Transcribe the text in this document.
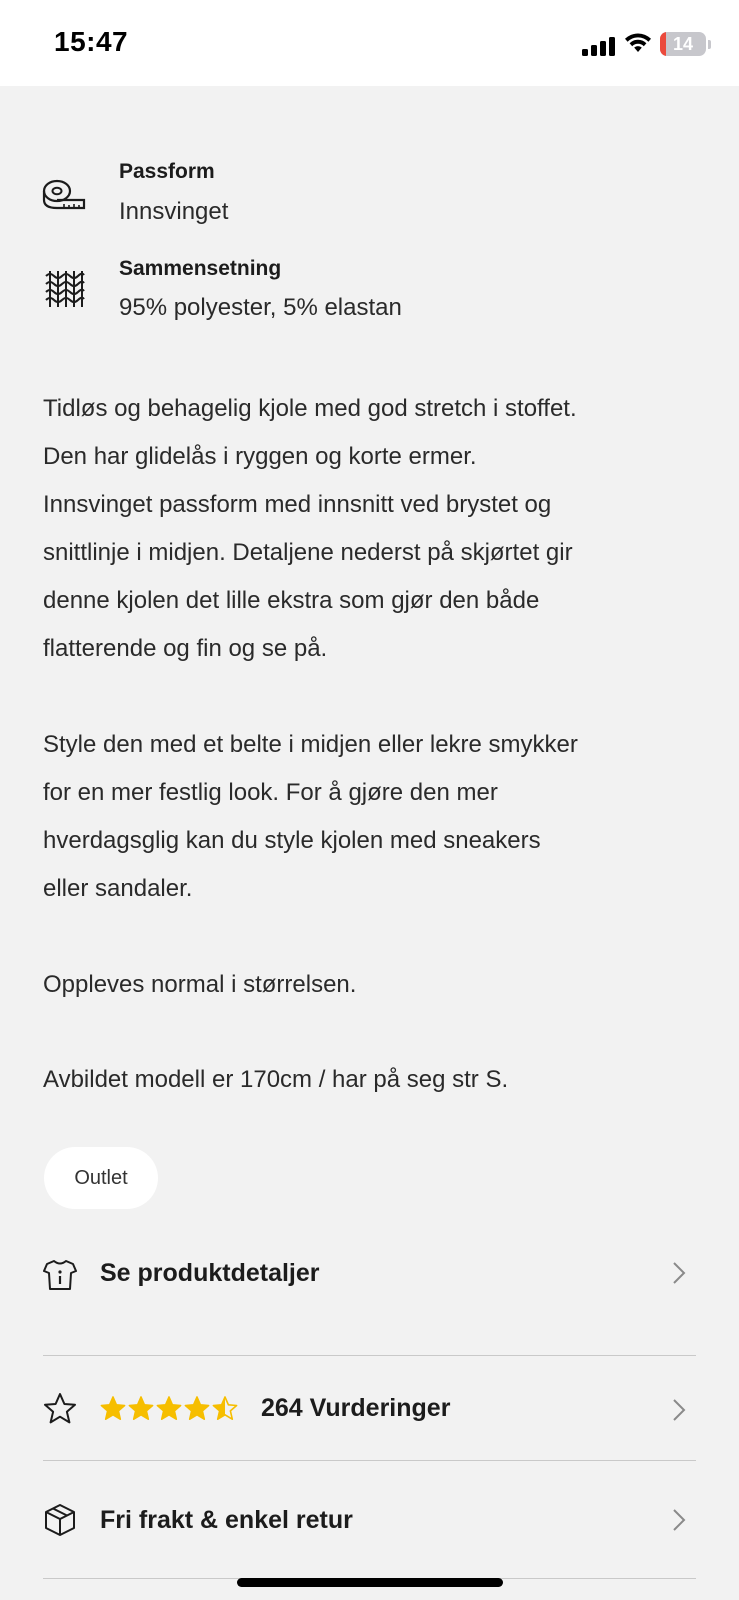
15:47	14
Passform
Innsvinget
Sammensetning
95% polyester, 5% elastan
Tidløs og behagelig kjole med god stretch i stoffet.
Den har glidelås i ryggen og korte ermer.
Innsvinget passform med innsnitt ved brystet og
snittlinje i midjen. Detaljene nederst på skjørtet gir
denne kjolen det lille ekstra som gjør den både
flatterende og fin og se på.
Style den med et belte i midjen eller lekre smykker
for en mer festlig look. For å gjøre den mer
hverdagsglig kan du style kjolen med sneakers
eller sandaler.
Oppleves normal i størrelsen.
Avbildet modell er 170cm / har på seg str S.
Outlet
Se produktdetaljer
264 Vurderinger
Fri frakt & enkel retur
